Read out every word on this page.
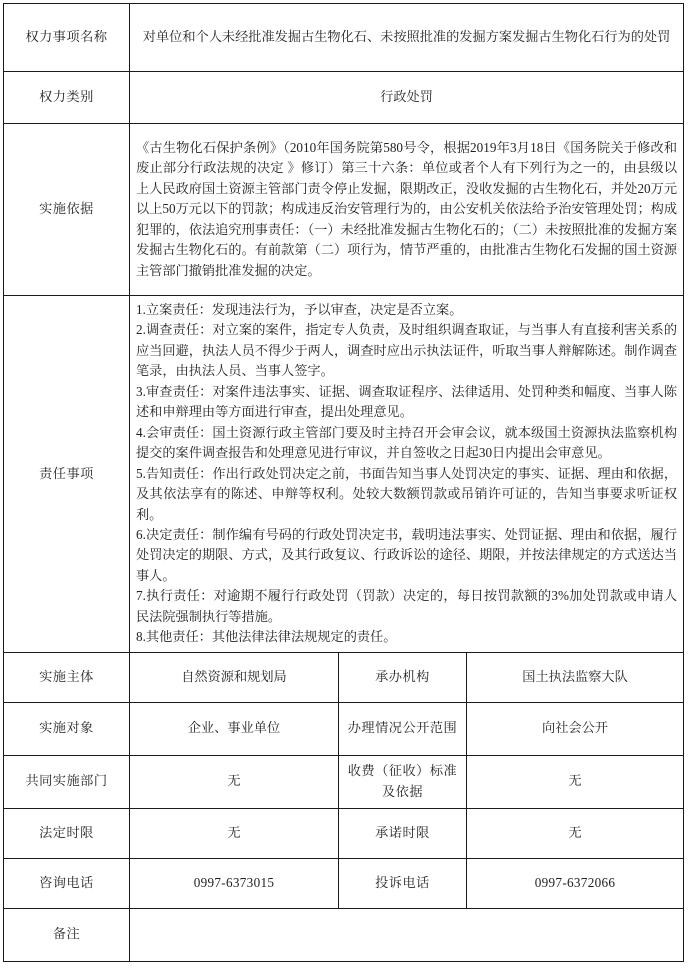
权力事项名称	对单位和个人未经批准发掘古生物化石、未按照批准的发掘方案发掘古生物化石行为的处罚		
权力类别	行政处罚		
实施依据	《古生物化石保护条例》（2010年国务院第580号令，根据2019年3月18日《国务院关于修改和废止部分行政法规的决定 》修订）第三十六条：单位或者个人有下列行为之一的，由县级以上人民政府国土资源主管部门责令停止发掘，限期改正，没收发掘的古生物化石，并处20万元以上50万元以下的罚款；构成违反治安管理行为的，由公安机关依法给予治安管理处罚；构成犯罪的，依法追究刑事责任：（一）未经批准发掘古生物化石的；（二）未按照批准的发掘方案发掘古生物化石的。有前款第（二）项行为，情节严重的，由批准古生物化石发掘的国土资源主管部门撤销批准发掘的决定。		
责任事项	

1.立案责任：发现违法行为，予以审查，决定是否立案。

2.调查责任：对立案的案件，指定专人负责，及时组织调查取证，与当事人有直接利害关系的应当回避，执法人员不得少于两人，调查时应出示执法证件，听取当事人辩解陈述。制作调查笔录，由执法人员、当事人签字。

3.审查责任：对案件违法事实、证据、调查取证程序、法律适用、处罚种类和幅度、当事人陈述和申辩理由等方面进行审查，提出处理意见。

4.会审责任：国土资源行政主管部门要及时主持召开会审会议，就本级国土资源执法监察机构提交的案件调查报告和处理意见进行审议，并自签收之日起30日内提出会审意见。

5.告知责任：作出行政处罚决定之前，书面告知当事人处罚决定的事实、证据、理由和依据，及其依法享有的陈述、申辩等权利。处较大数额罚款或吊销许可证的，告知当事要求听证权利。

6.决定责任：制作编有号码的行政处罚决定书，载明违法事实、处罚证据、理由和依据，履行处罚决定的期限、方式，及其行政复议、行政诉讼的途径、期限，并按法律规定的方式送达当事人。

7.执行责任：对逾期不履行行政处罚（罚款）决定的，每日按罚款额的3%加处罚款或申请人民法院强制执行等措施。

8.其他责任：其他法律法律法规规定的责任。

实施主体	自然资源和规划局	承办机构	国土执法监察大队
实施对象	企业、事业单位	办理情况公开范围	向社会公开
共同实施部门	无	收费（征收）标准及依据	无
法定时限	无	承诺时限	无
咨询电话	0997-6373015	投诉电话	0997-6372066
备注			
